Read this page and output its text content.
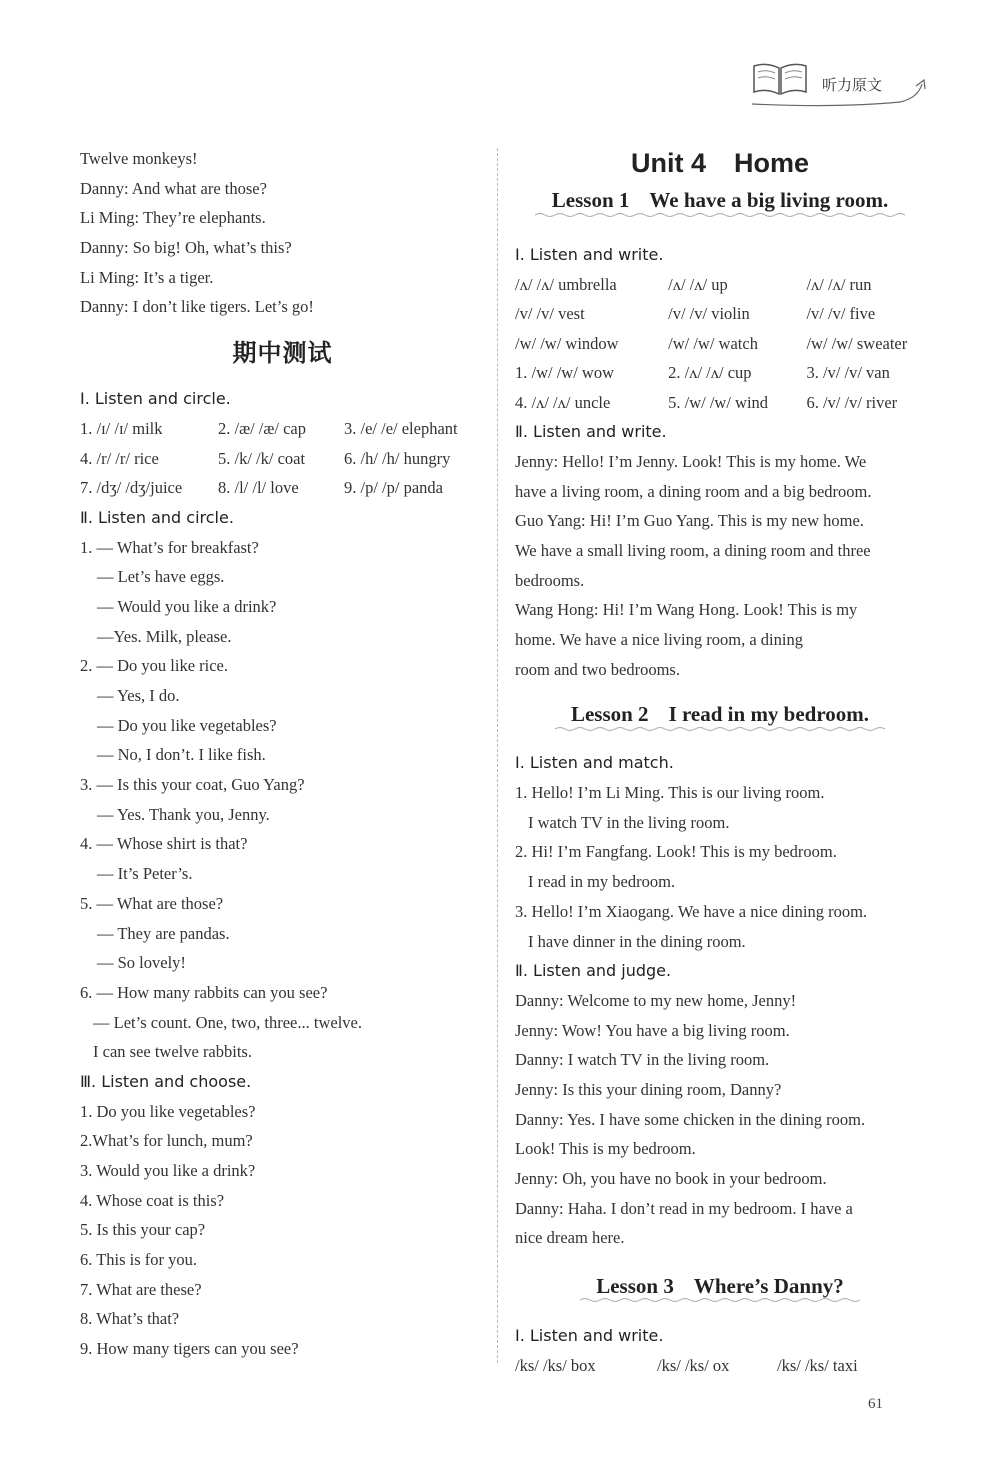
听力原文
Twelve monkeys!
Danny: And what are those?
Li Ming: They’re elephants.
Danny: So big! Oh, what’s this?
Li Ming: It’s a tiger.
Danny: I don’t like tigers. Let’s go!
期中测试
Ⅰ. Listen and circle.
1. /ɪ/ /ɪ/ milk	2. /æ/ /æ/ cap	3. /e/ /e/ elephant
4. /r/ /r/ rice	5. /k/ /k/ coat	6. /h/ /h/ hungry
7. /dʒ/ /dʒ/juice	8. /l/ /l/ love	9. /p/ /p/ panda
Ⅱ. Listen and circle.
1. — What’s for breakfast?
— Let’s have eggs.
— Would you like a drink?
—Yes. Milk, please.
2. — Do you like rice.
— Yes, I do.
— Do you like vegetables?
— No, I don’t. I like fish.
3. — Is this your coat, Guo Yang?
— Yes. Thank you, Jenny.
4. — Whose shirt is that?
— It’s Peter’s.
5. — What are those?
— They are pandas.
— So lovely!
6. — How many rabbits can you see?
— Let’s count. One, two, three... twelve.
I can see twelve rabbits.
Ⅲ. Listen and choose.
1. Do you like vegetables?
2.What’s for lunch, mum?
3. Would you like a drink?
4. Whose coat is this?
5. Is this your cap?
6. This is for you.
7. What are these?
8. What’s that?
9. How many tigers can you see?
Unit 4 Home
Lesson 1 We have a big living room.
Ⅰ. Listen and write.
/ʌ/ /ʌ/ umbrella	/ʌ/ /ʌ/ up	/ʌ/ /ʌ/ run
/v/ /v/ vest	/v/ /v/ violin	/v/ /v/ five
/w/ /w/ window	/w/ /w/ watch	/w/ /w/ sweater
1. /w/ /w/ wow	2. /ʌ/ /ʌ/ cup	3. /v/ /v/ van
4. /ʌ/ /ʌ/ uncle	5. /w/ /w/ wind	6. /v/ /v/ river
Ⅱ. Listen and write.
Jenny: Hello! I’m Jenny. Look! This is my home. We
have a living room, a dining room and a big bedroom.
Guo Yang: Hi! I’m Guo Yang. This is my new home.
We have a small living room, a dining room and three
bedrooms.
Wang Hong: Hi! I’m Wang Hong. Look! This is my
home. We have a nice living room, a dining
room and two bedrooms.
Lesson 2 I read in my bedroom.
Ⅰ. Listen and match.
1. Hello! I’m Li Ming. This is our living room.
I watch TV in the living room.
2. Hi! I’m Fangfang. Look! This is my bedroom.
I read in my bedroom.
3. Hello! I’m Xiaogang. We have a nice dining room.
I have dinner in the dining room.
Ⅱ. Listen and judge.
Danny: Welcome to my new home, Jenny!
Jenny: Wow! You have a big living room.
Danny: I watch TV in the living room.
Jenny: Is this your dining room, Danny?
Danny: Yes. I have some chicken in the dining room.
Look! This is my bedroom.
Jenny: Oh, you have no book in your bedroom.
Danny: Haha. I don’t read in my bedroom. I have a
nice dream here.
Lesson 3 Where’s Danny?
Ⅰ. Listen and write.
/ks/ /ks/ box	/ks/ /ks/ ox	/ks/ /ks/ taxi
61
